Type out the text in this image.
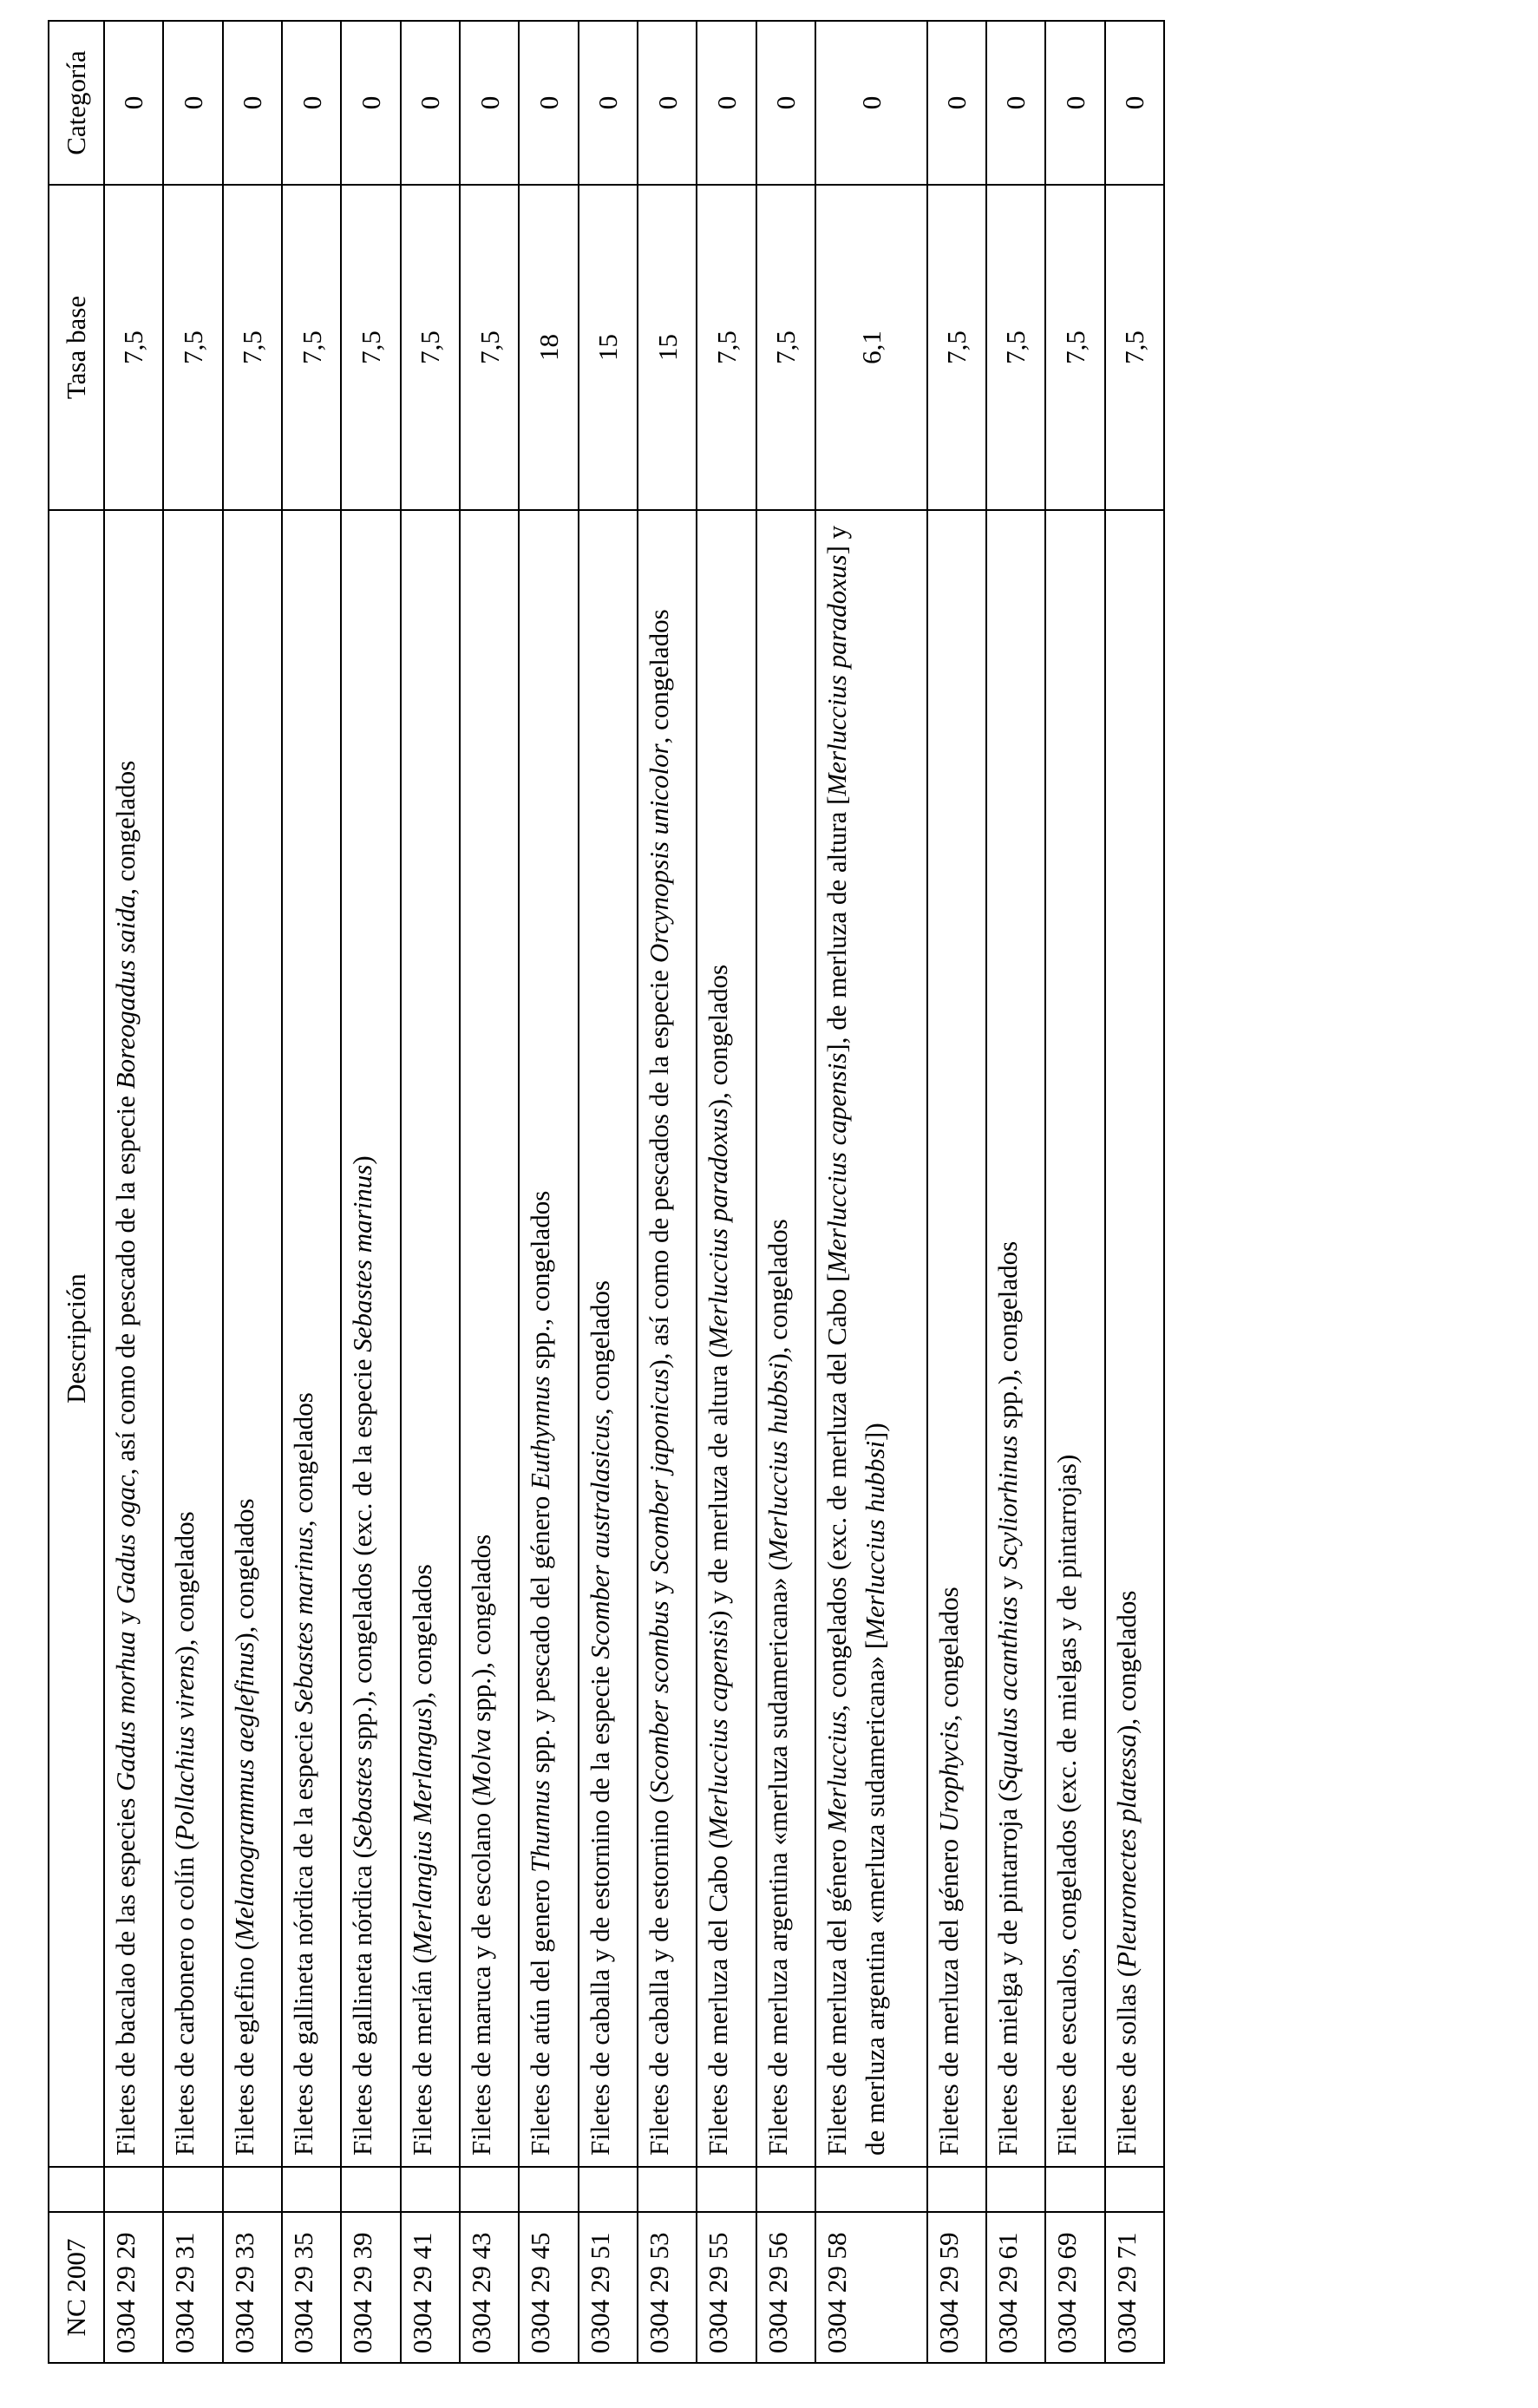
NC 2007		Descripción	Tasa base	Categoría
0304 29 29		Filetes de bacalao de las especies Gadus morhua y Gadus ogac, así como de pescado de la especie Boreogadus saida, congelados	7,5	0
0304 29 31		Filetes de carbonero o colín (Pollachius virens), congelados	7,5	0
0304 29 33		Filetes de eglefino (Melanogrammus aeglefinus), congelados	7,5	0
0304 29 35		Filetes de gallineta nórdica de la especie Sebastes marinus, congelados	7,5	0
0304 29 39		Filetes de gallineta nórdica (Sebastes spp.), congelados (exc. de la especie Sebastes marinus)	7,5	0
0304 29 41		Filetes de merlán (Merlangius Merlangus), congelados	7,5	0
0304 29 43		Filetes de maruca y de escolano (Molva spp.), congelados	7,5	0
0304 29 45		Filetes de atún del genero Thunnus spp. y pescado del género Euthynnus spp., congelados	18	0
0304 29 51		Filetes de caballa y de estornino de la especie Scomber australasicus, congelados	15	0
0304 29 53		Filetes de caballa y de estornino (Scomber scombus y Scomber japonicus), así como de pescados de la especie Orcynopsis unicolor, congelados	15	0
0304 29 55		Filetes de merluza del Cabo (Merluccius capensis) y de merluza de altura (Merluccius paradoxus), congelados	7,5	0
0304 29 56		Filetes de merluza argentina «merluza sudamericana» (Merluccius hubbsi), congelados	7,5	0
0304 29 58		Filetes de merluza del género Merluccius, congelados (exc. de merluza del Cabo [Merluccius capensis], de merluza de altura [Merluccius paradoxus] y de merluza argentina «merluza sudamericana» [Merluccius hubbsi])	6,1	0
0304 29 59		Filetes de merluza del género Urophycis, congelados	7,5	0
0304 29 61		Filetes de mielga y de pintarroja (Squalus acanthias y Scyliorhinus spp.), congelados	7,5	0
0304 29 69		Filetes de escualos, congelados (exc. de mielgas y de pintarrojas)	7,5	0
0304 29 71		Filetes de sollas (Pleuronectes platessa), congelados	7,5	0
